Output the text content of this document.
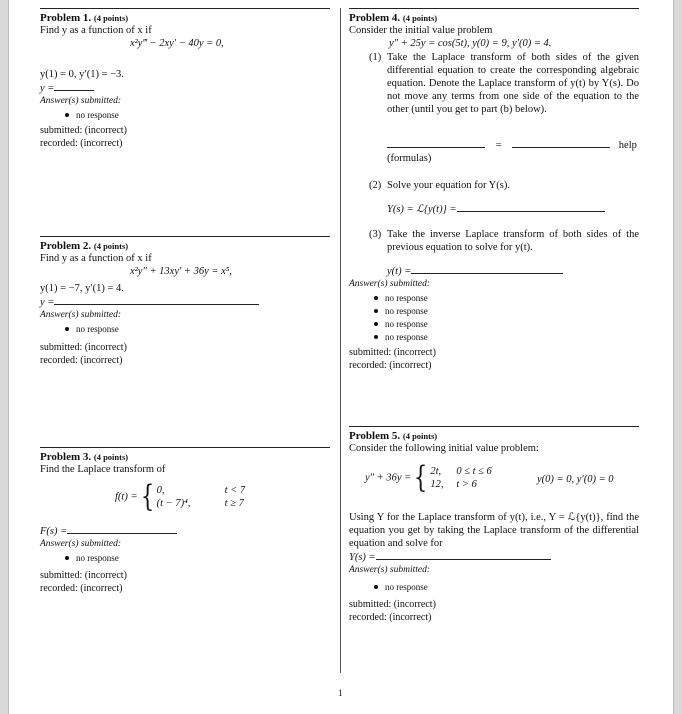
Problem 1. (4 points)
Find y as a function of x if
x²y‴ − 2xy′ − 40y = 0,
y(1) = 0, y′(1) = −3.
y =
Answer(s) submitted:
no response
submitted: (incorrect)
recorded: (incorrect)
Problem 2. (4 points)
Find y as a function of x if
x²y″ + 13xy′ + 36y = x⁵,
y(1) = −7, y′(1) = 4.
y =
Answer(s) submitted:
no response
submitted: (incorrect)
recorded: (incorrect)
Problem 3. (4 points)
Find the Laplace transform of
f(t) ={ 0,	t < 7
(t − 7)⁴,	t ≥ 7
F(s) =
Answer(s) submitted:
no response
submitted: (incorrect)
recorded: (incorrect)
Problem 4. (4 points)
Consider the initial value problem
y″ + 25y = cos(5t), y(0) = 9, y′(0) = 4.
(1) Take the Laplace transform of both sides of the given differential equation to create the corresponding algebraic equation. Denote the Laplace transform of y(t) by Y(s). Do not move any terms from one side of the equation to the other (until you get to part (b) below).
=	help
(formulas)
(2) Solve your equation for Y(s).
Y(s) = ℒ{y(t)} =
(3) Take the inverse Laplace transform of both sides of the previous equation to solve for y(t).
y(t) =
Answer(s) submitted:
no response
no response
no response
no response
submitted: (incorrect)
recorded: (incorrect)
Problem 5. (4 points)
Consider the following initial value problem:
y″ + 36y ={ 2t, 0 ≤ t ≤ 6
12, t > 6	y(0) = 0, y′(0) = 0
Using Y for the Laplace transform of y(t), i.e., Y = ℒ{y(t)}, find the equation you get by taking the Laplace transform of the differential equation and solve for
Y(s) =
Answer(s) submitted:
no response
submitted: (incorrect)
recorded: (incorrect)
1
